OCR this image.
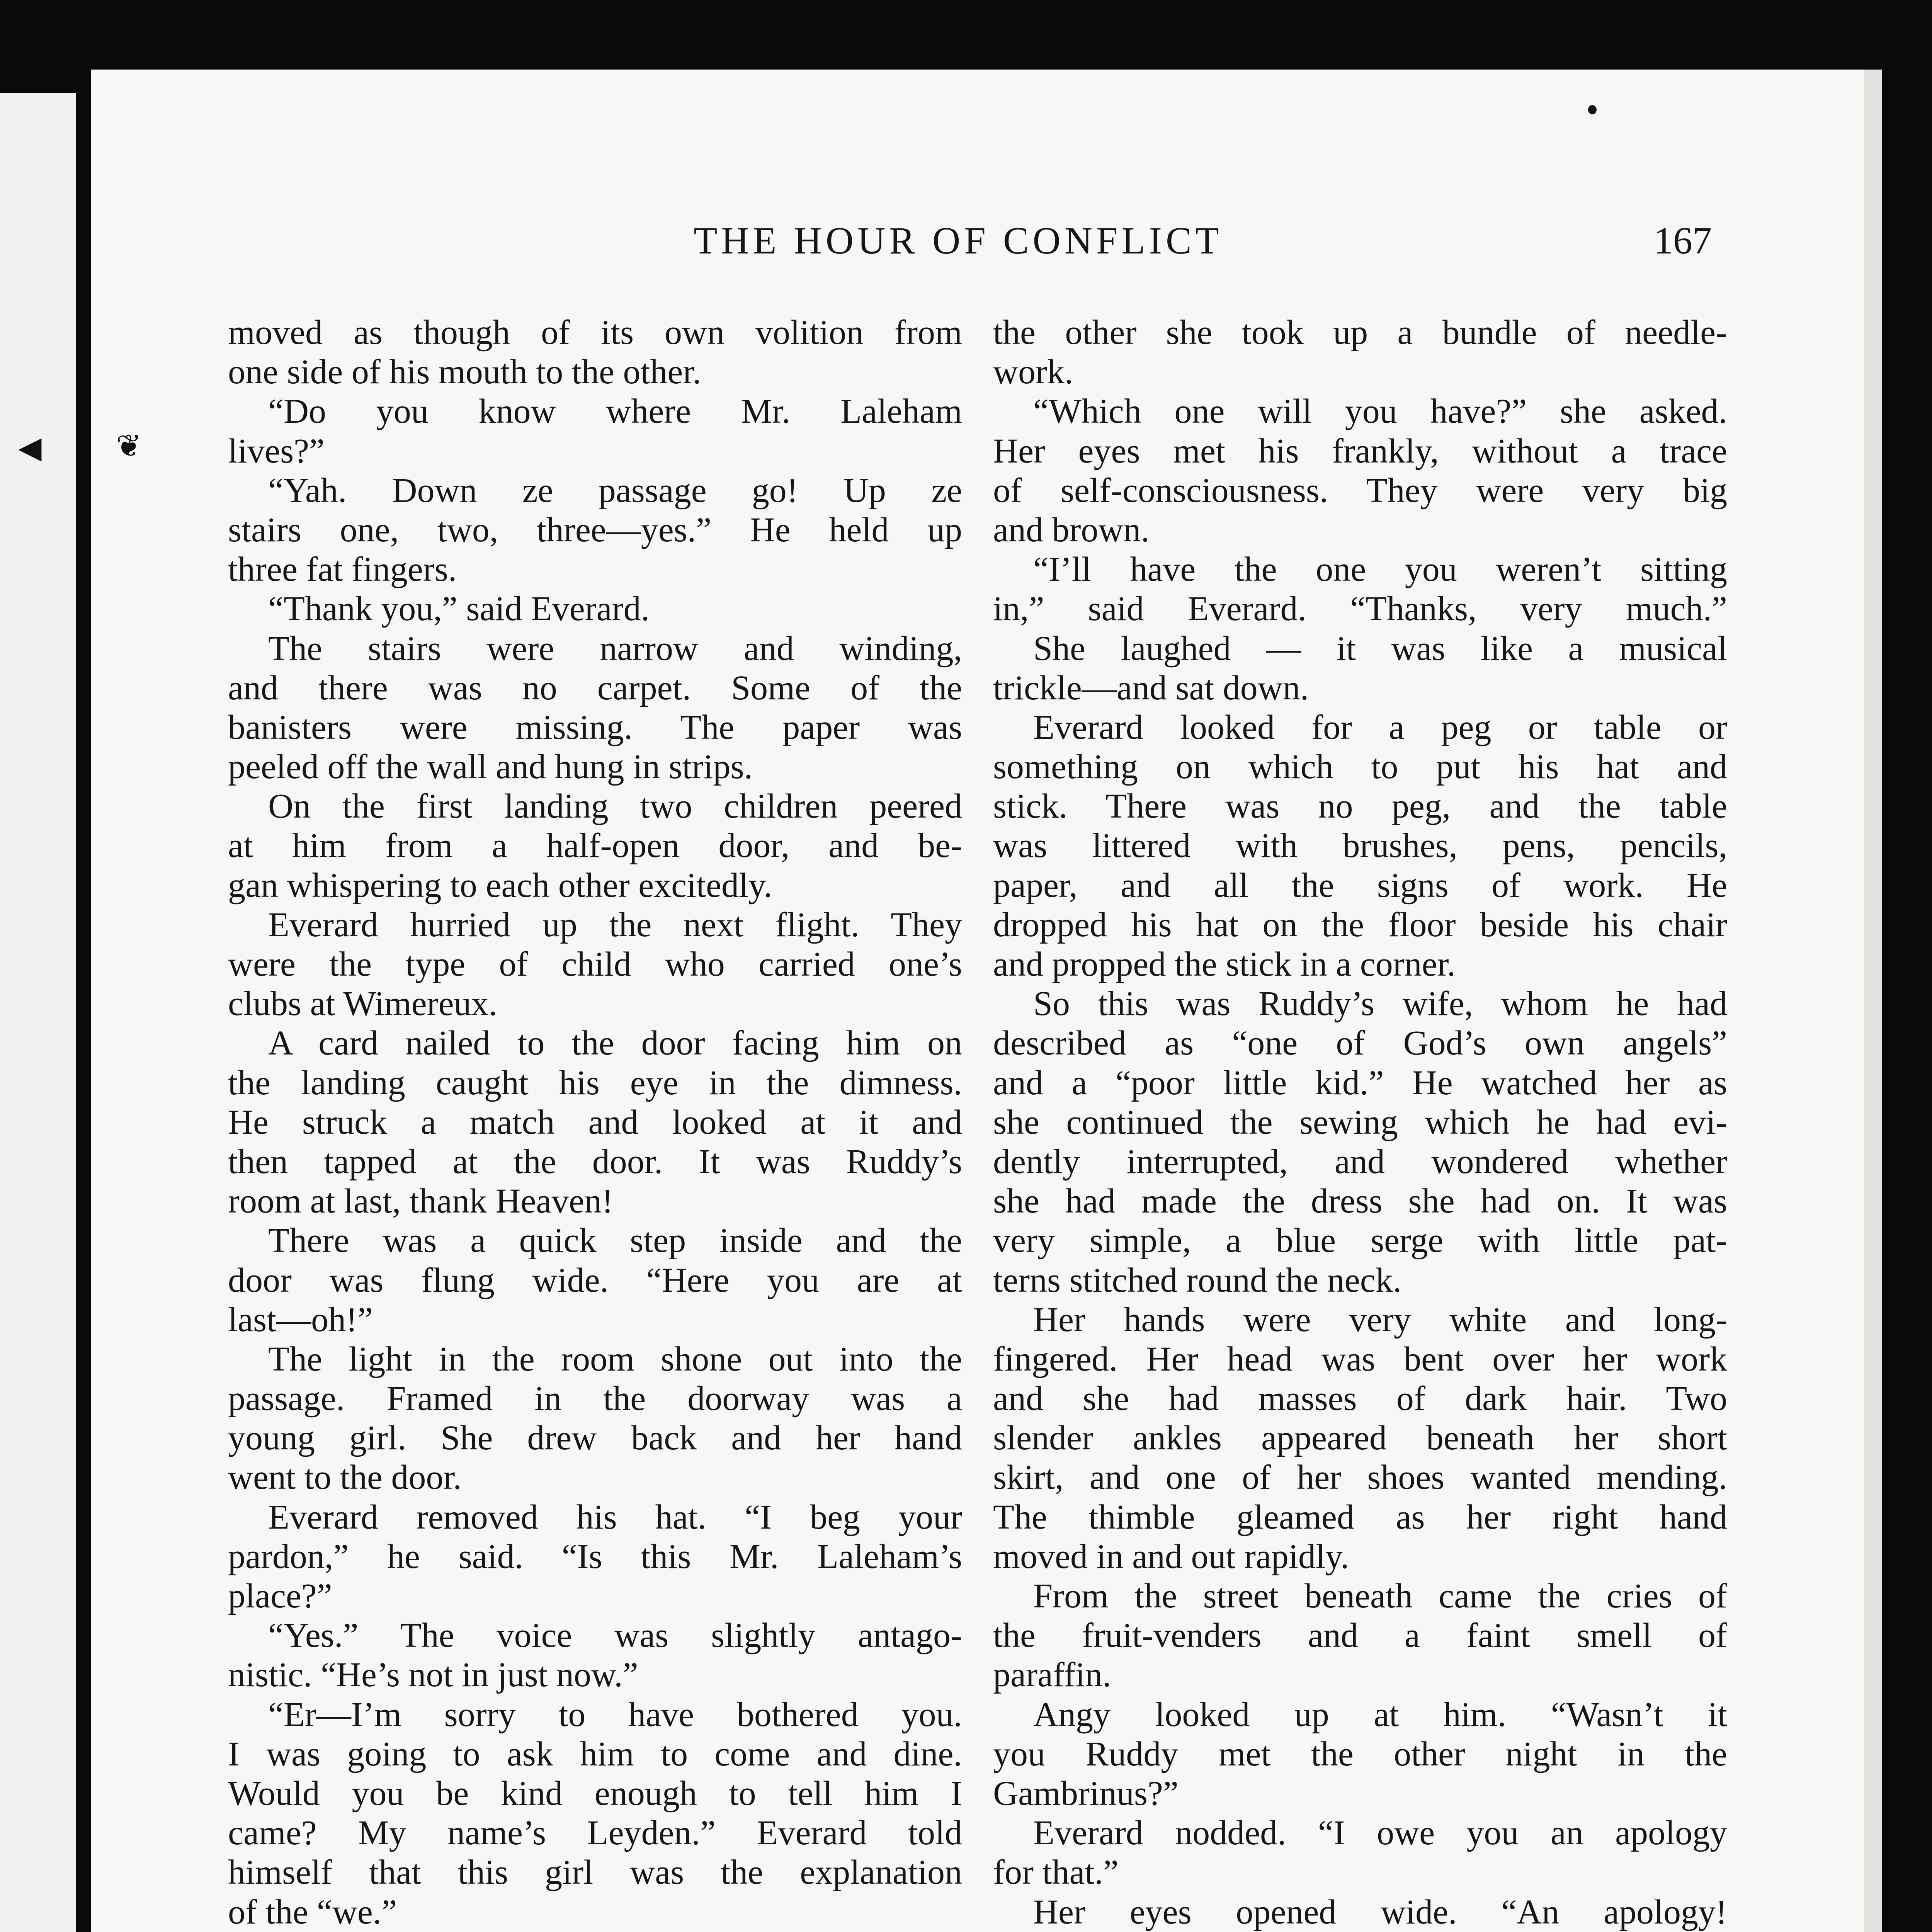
◄ ❦
THE HOUR OF CONFLICT	167
moved as though of its own volition from
one side of his mouth to the other.
“Do you know where Mr. Laleham
lives?”
“Yah. Down ze passage go! Up ze
stairs one, two, three—yes.” He held up
three fat fingers.
“Thank you,” said Everard.
The stairs were narrow and winding,
and there was no carpet. Some of the
banisters were missing. The paper was
peeled off the wall and hung in strips.
On the first landing two children peered
at him from a half-open door, and be-
gan whispering to each other excitedly.
Everard hurried up the next flight. They
were the type of child who carried one’s
clubs at Wimereux.
A card nailed to the door facing him on
the landing caught his eye in the dimness.
He struck a match and looked at it and
then tapped at the door. It was Ruddy’s
room at last, thank Heaven!
There was a quick step inside and the
door was flung wide. “Here you are at
last—oh!”
The light in the room shone out into the
passage. Framed in the doorway was a
young girl. She drew back and her hand
went to the door.
Everard removed his hat. “I beg your
pardon,” he said. “Is this Mr. Laleham’s
place?”
“Yes.” The voice was slightly antago-
nistic. “He’s not in just now.”
“Er—I’m sorry to have bothered you.
I was going to ask him to come and dine.
Would you be kind enough to tell him I
came? My name’s Leyden.” Everard told
himself that this girl was the explanation
of the “we.”
the other she took up a bundle of needle-
work.
“Which one will you have?” she asked.
Her eyes met his frankly, without a trace
of self-consciousness. They were very big
and brown.
“I’ll have the one you weren’t sitting
in,” said Everard. “Thanks, very much.”
She laughed — it was like a musical
trickle—and sat down.
Everard looked for a peg or table or
something on which to put his hat and
stick. There was no peg, and the table
was littered with brushes, pens, pencils,
paper, and all the signs of work. He
dropped his hat on the floor beside his chair
and propped the stick in a corner.
So this was Ruddy’s wife, whom he had
described as “one of God’s own angels”
and a “poor little kid.” He watched her as
she continued the sewing which he had evi-
dently interrupted, and wondered whether
she had made the dress she had on. It was
very simple, a blue serge with little pat-
terns stitched round the neck.
Her hands were very white and long-
fingered. Her head was bent over her work
and she had masses of dark hair. Two
slender ankles appeared beneath her short
skirt, and one of her shoes wanted mending.
The thimble gleamed as her right hand
moved in and out rapidly.
From the street beneath came the cries of
the fruit-venders and a faint smell of
paraffin.
Angy looked up at him. “Wasn’t it
you Ruddy met the other night in the
Gambrinus?”
Everard nodded. “I owe you an apology
for that.”
Her eyes opened wide. “An apology!
